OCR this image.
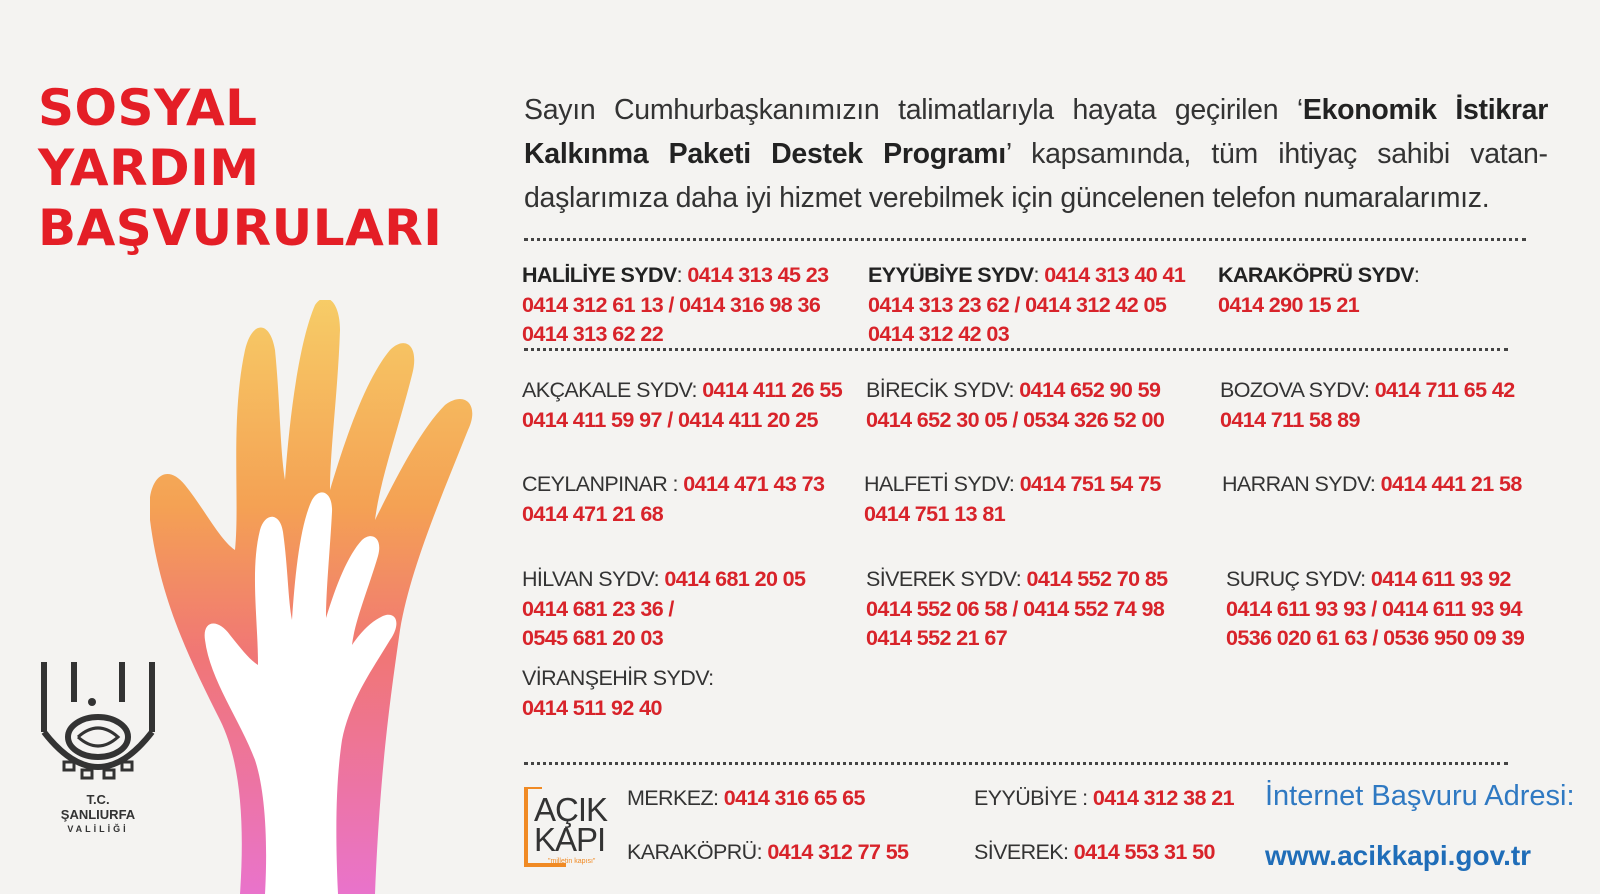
SOSYAL
YARDIM
BAŞVURULARI
T.C.
ŞANLIURFA
VALİLİĞİ
Sayın Cumhurbaşkanımızın talimatlarıyla hayata geçirilen ‘Ekonomik İstikrar Kalkınma Paketi Destek Programı’ kapsamında, tüm ihtiyaç sahibi vatandaşlarımıza daha iyi hizmet verebilmek için güncelenen telefon numaralarımız.
HALİLİYE SYDV: 0414 313 45 23
0414 312 61 13 / 0414 316 98 36
0414 313 62 22
EYYÜBİYE SYDV: 0414 313 40 41
0414 313 23 62 / 0414 312 42 05
0414 312 42 03
KARAKÖPRÜ SYDV:
0414 290 15 21
AKÇAKALE SYDV: 0414 411 26 55
0414 411 59 97 / 0414 411 20 25
BİRECİK SYDV: 0414 652 90 59
0414 652 30 05 / 0534 326 52 00
BOZOVA SYDV: 0414 711 65 42
0414 711 58 89
CEYLANPINAR : 0414 471 43 73
0414 471 21 68
HALFETİ SYDV: 0414 751 54 75
0414 751 13 81
HARRAN SYDV: 0414 441 21 58
HİLVAN SYDV: 0414 681 20 05
0414 681 23 36 /
0545 681 20 03
SİVEREK SYDV: 0414 552 70 85
0414 552 06 58 / 0414 552 74 98
0414 552 21 67
SURUÇ SYDV: 0414 611 93 92
0414 611 93 93 / 0414 611 93 94
0536 020 61 63 / 0536 950 09 39
VİRANŞEHİR SYDV:
0414 511 92 40
AÇIK
KAPI
"milletin kapısı"
MERKEZ: 0414 316 65 65	EYYÜBİYE : 0414 312 38 21
KARAKÖPRÜ: 0414 312 77 55	SİVEREK: 0414 553 31 50
İnternet Başvuru Adresi:
www.acikkapi.gov.tr
